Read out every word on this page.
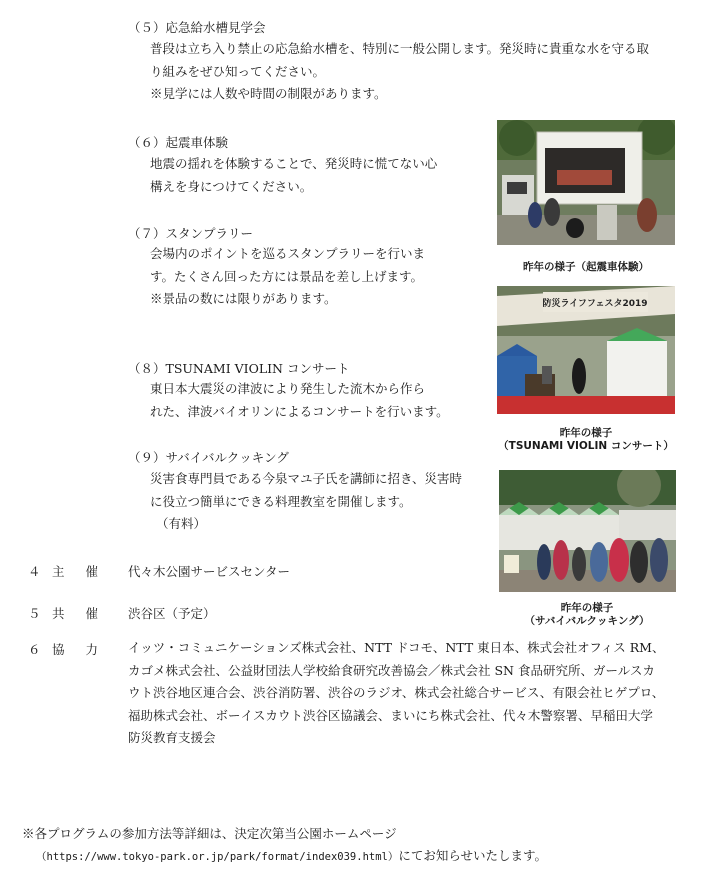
（５）応急給水槽見学会
普段は立ち入り禁止の応急給水槽を、特別に一般公開します。発災時に貴重な水を守る取
り組みをぜひ知ってください。
※見学には人数や時間の制限があります。
（６）起震車体験
地震の揺れを体験することで、発災時に慌てない心
構えを身につけてください。
（７）スタンプラリー
会場内のポイントを巡るスタンプラリーを行いま
す。たくさん回った方には景品を差し上げます。
※景品の数には限りがあります。
（８）TSUNAMI VIOLIN コンサート
東日本大震災の津波により発生した流木から作ら
れた、津波バイオリンによるコンサートを行います。
（９）サバイバルクッキング
災害食専門員である今泉マユ子氏を講師に招き、災害時
に役立つ簡単にできる料理教室を開催します。
（有料）
昨年の様子（起震車体験）
防災ライフフェスタ2019
昨年の様子
（TSUNAMI VIOLIN コンサート）
昨年の様子
（サバイバルクッキング）
４ 主催 代々木公園サービスセンター
５ 共催 渋谷区（予定）
６ 協力 イッツ・コミュニケーションズ株式会社、NTT ドコモ、NTT 東日本、株式会社オフィス RM、
カゴメ株式会社、公益財団法人学校給食研究改善協会／株式会社 SN 食品研究所、ガールスカ
ウト渋谷地区連合会、渋谷消防署、渋谷のラジオ、株式会社総合サービス、有限会社ヒゲプロ、
福助株式会社、ボーイスカウト渋谷区協議会、まいにち株式会社、代々木警察署、早稲田大学
防災教育支援会
※各プログラムの参加方法等詳細は、決定次第当公園ホームページ
（https://www.tokyo-park.or.jp/park/format/index039.html）にてお知らせいたします。
